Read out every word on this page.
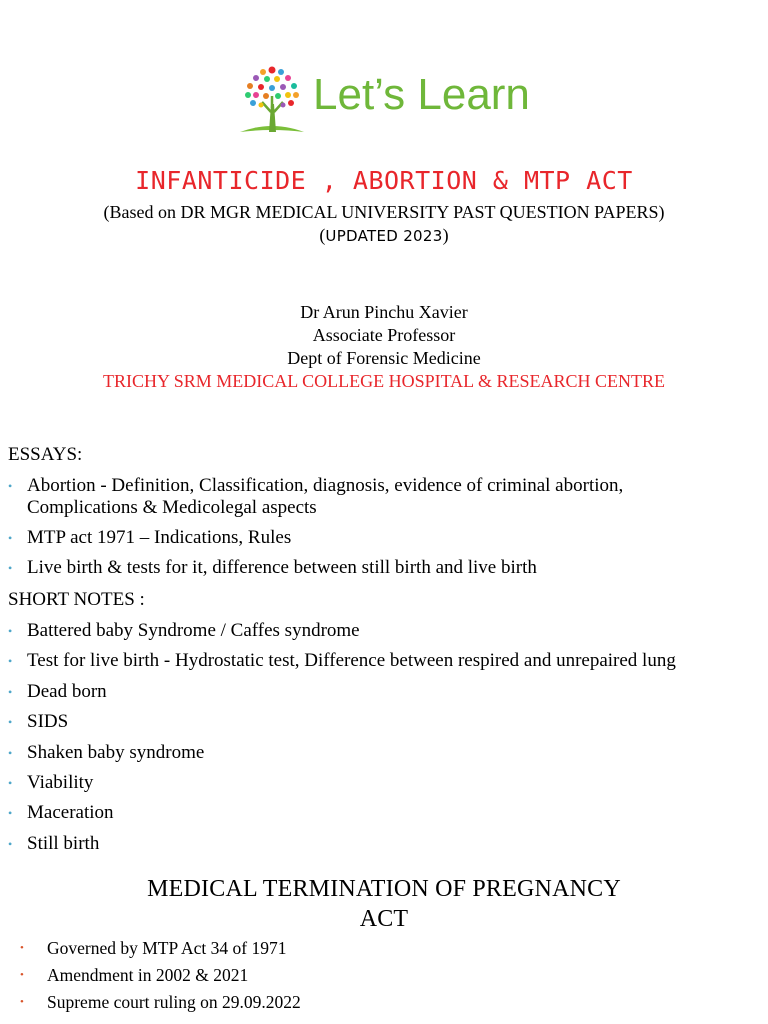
Let’s Learn
INFANTICIDE , ABORTION & MTP ACT
(Based on DR MGR MEDICAL UNIVERSITY PAST QUESTION PAPERS)
(UPDATED 2023)
Dr Arun Pinchu Xavier
Associate Professor
Dept of Forensic Medicine
TRICHY SRM MEDICAL COLLEGE HOSPITAL & RESEARCH CENTRE
ESSAYS:
• Abortion - Definition, Classification, diagnosis, evidence of criminal abortion,
Complications & Medicolegal aspects
• MTP act 1971 – Indications, Rules
• Live birth & tests for it, difference between still birth and live birth
SHORT NOTES :
• Battered baby Syndrome / Caffes syndrome
• Test for live birth - Hydrostatic test, Difference between respired and unrepaired lung
• Dead born
• SIDS
• Shaken baby syndrome
• Viability
• Maceration
• Still birth
MEDICAL TERMINATION OF PREGNANCY
ACT
• Governed by MTP Act 34 of 1971
• Amendment in 2002 & 2021
• Supreme court ruling on 29.09.2022
